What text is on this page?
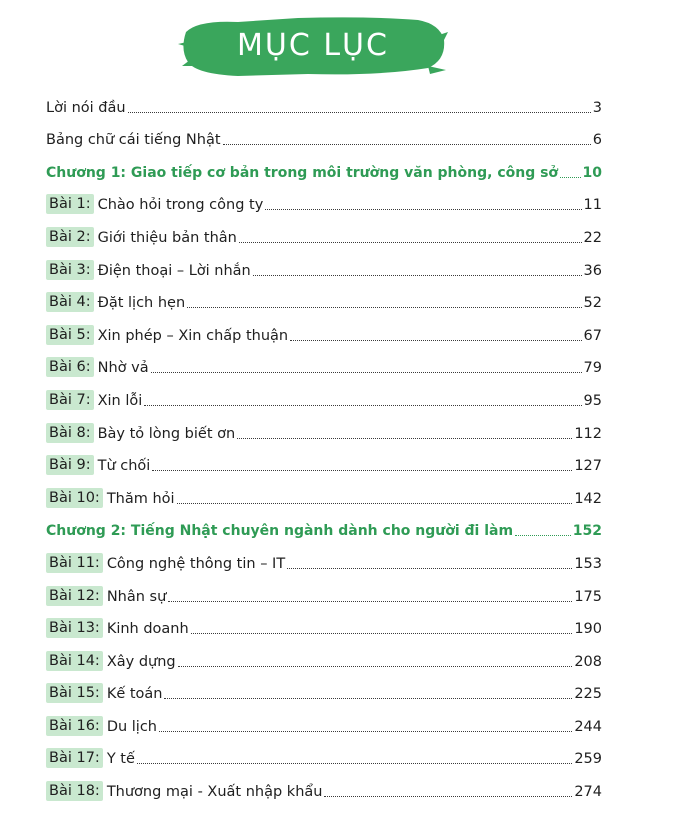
MỤC LỤC
Lời nói đầu	3
Bảng chữ cái tiếng Nhật	6
Chương 1: Giao tiếp cơ bản trong môi trường văn phòng, công sở 10
Bài 1: Chào hỏi trong công ty	11
Bài 2: Giới thiệu bản thân	22
Bài 3: Điện thoại – Lời nhắn	36
Bài 4: Đặt lịch hẹn	52
Bài 5: Xin phép – Xin chấp thuận	67
Bài 6: Nhờ vả	79
Bài 7: Xin lỗi	95
Bài 8: Bày tỏ lòng biết ơn	112
Bài 9: Từ chối	127
Bài 10: Thăm hỏi	142
Chương 2: Tiếng Nhật chuyên ngành dành cho người đi làm	152
Bài 11: Công nghệ thông tin – IT	153
Bài 12: Nhân sự	175
Bài 13: Kinh doanh	190
Bài 14: Xây dựng	208
Bài 15: Kế toán	225
Bài 16: Du lịch	244
Bài 17: Y tế	259
Bài 18: Thương mại - Xuất nhập khẩu	274
